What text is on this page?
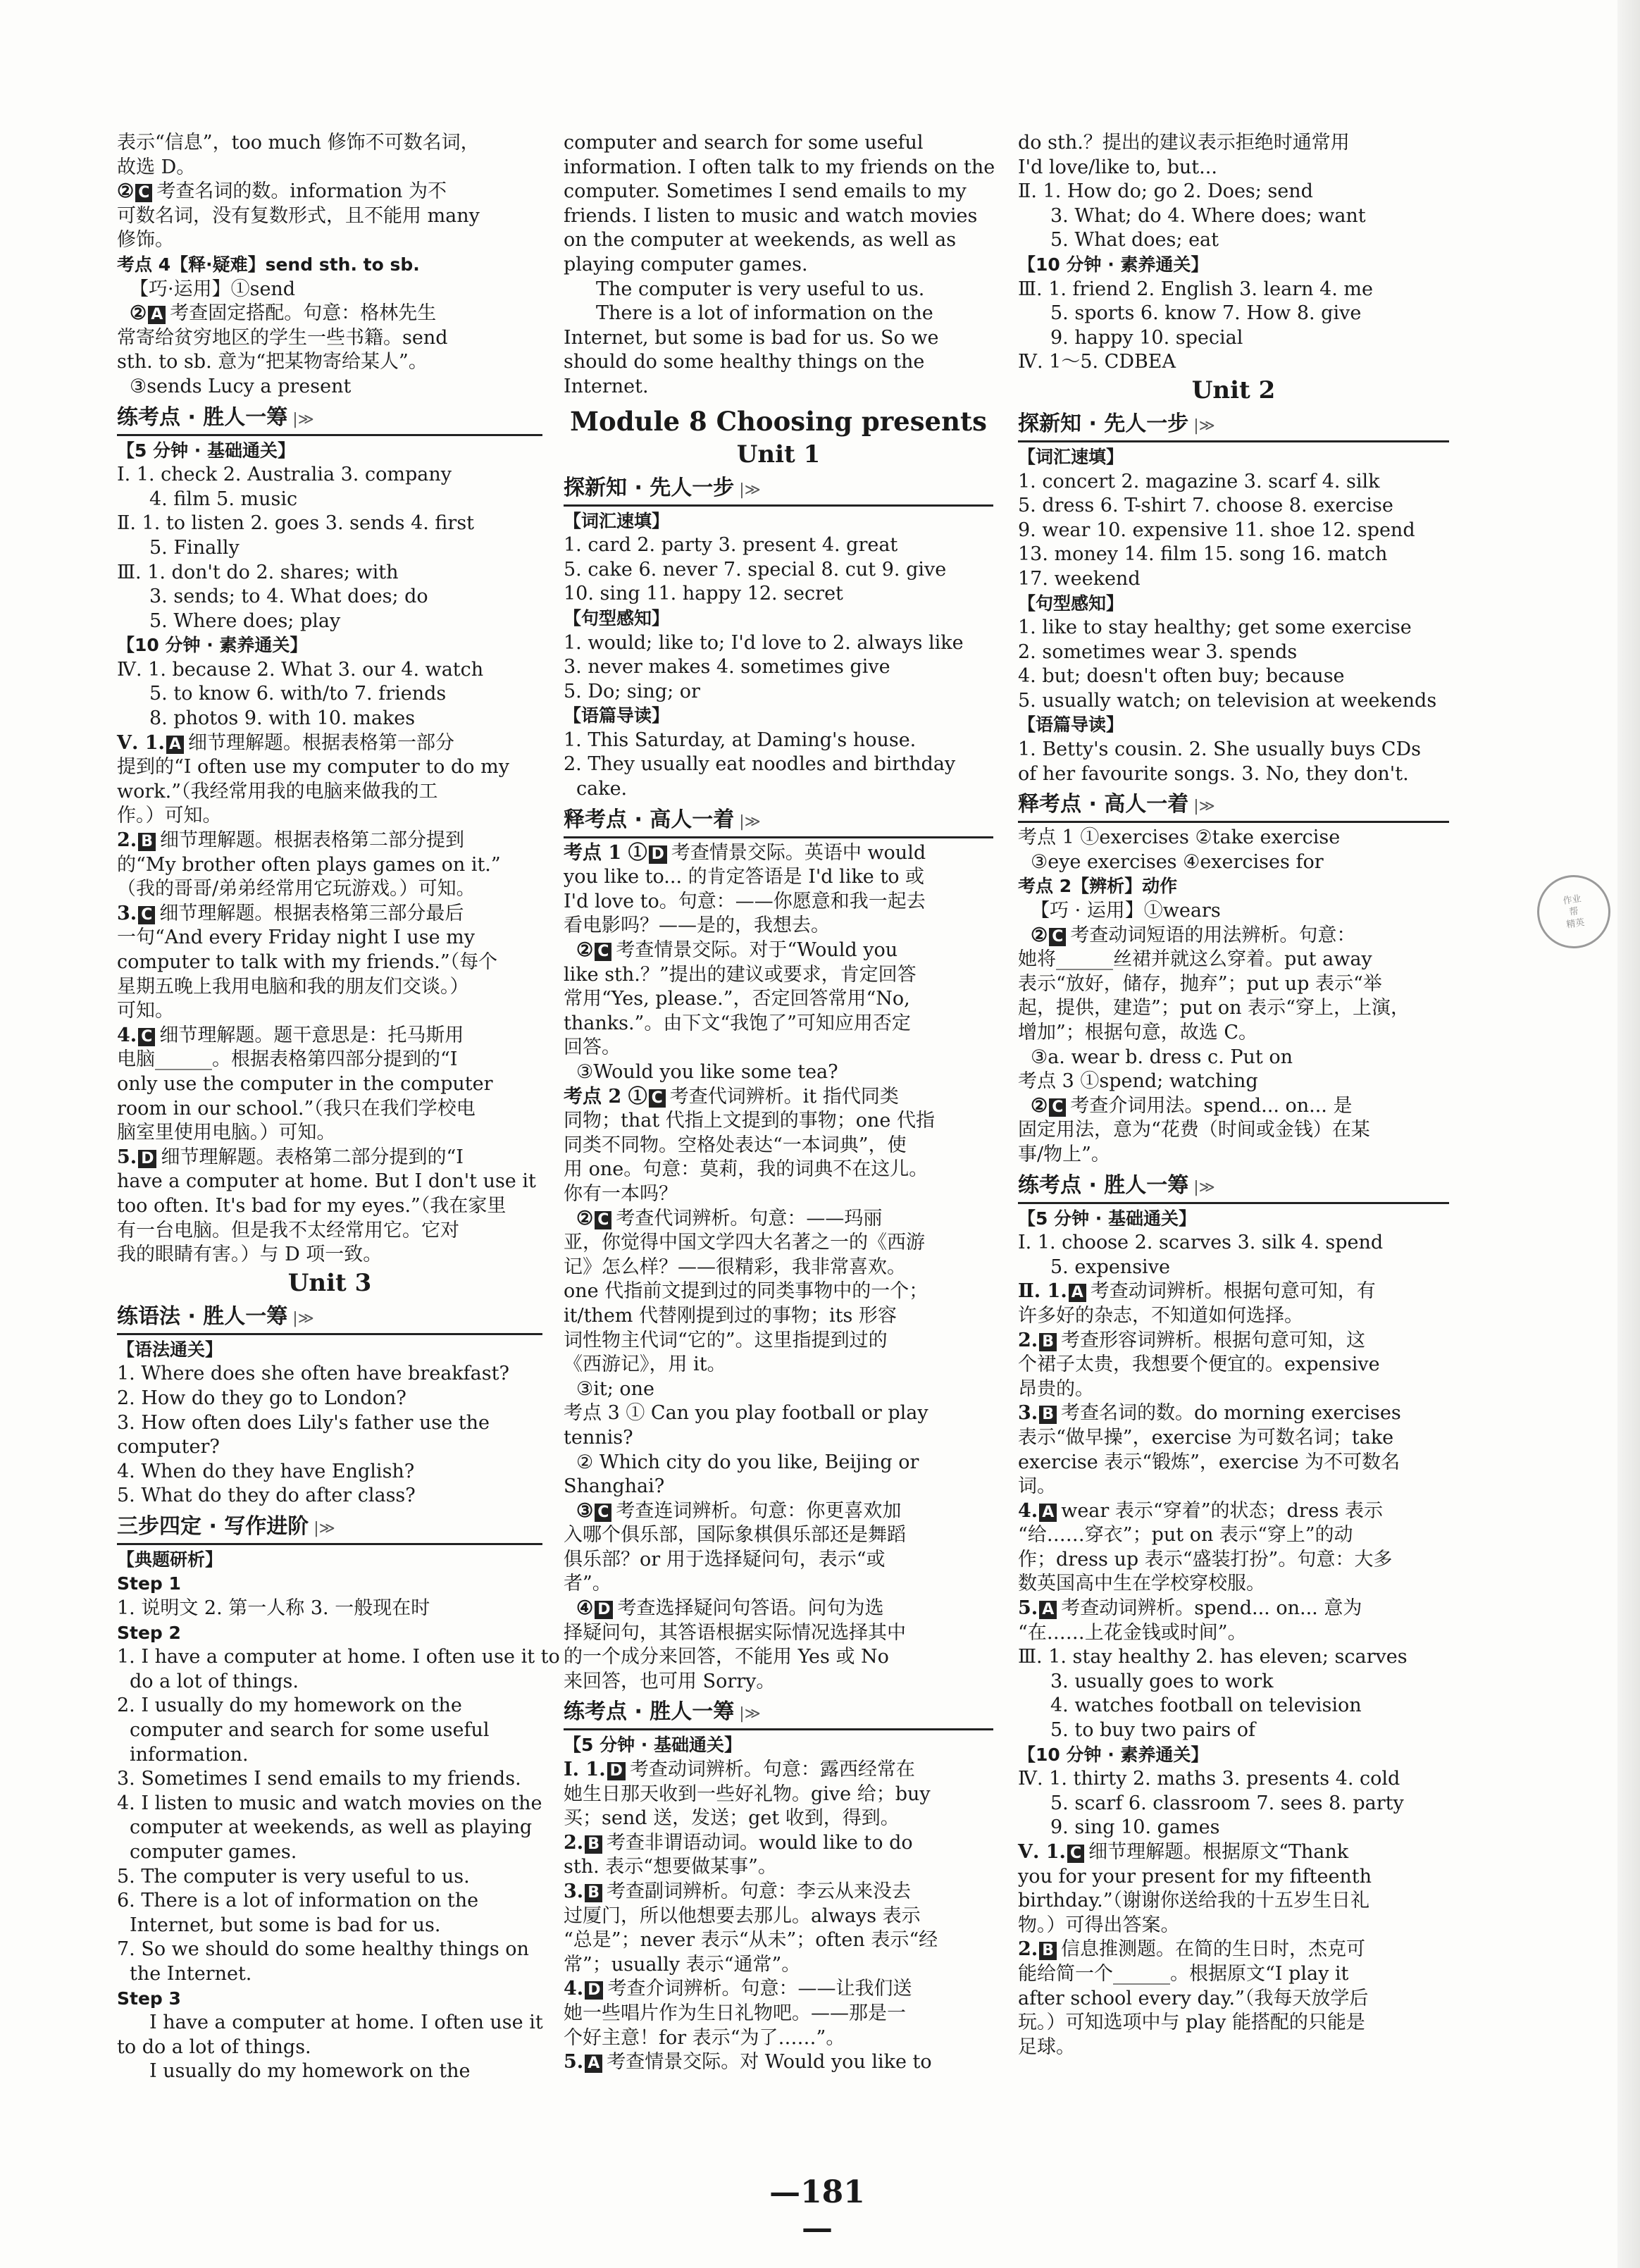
表示“信息”，too much 修饰不可数名词，
故选 D。
② C 考查名词的数。information 为不
可数名词，没有复数形式，且不能用 many
修饰。
考点 4【释·疑难】send sth. to sb.
【巧·运用】①send
② A 考查固定搭配。句意：格林先生
常寄给贫穷地区的学生一些书籍。send
sth. to sb. 意为“把某物寄给某人”。
③sends Lucy a present
练考点 · 胜人一筹 |≫
【5 分钟 · 基础通关】
Ⅰ. 1. check 2. Australia 3. company
4. film 5. music
Ⅱ. 1. to listen 2. goes 3. sends 4. first
5. Finally
Ⅲ. 1. don't do 2. shares; with
3. sends; to 4. What does; do
5. Where does; play
【10 分钟 · 素养通关】
Ⅳ. 1. because 2. What 3. our 4. watch
5. to know 6. with/to 7. friends
8. photos 9. with 10. makes
Ⅴ. 1. A 细节理解题。根据表格第一部分
提到的“I often use my computer to do my
work.”（我经常用我的电脑来做我的工
作。）可知。
2. B 细节理解题。根据表格第二部分提到
的“My brother often plays games on it.”
（我的哥哥/弟弟经常用它玩游戏。）可知。
3. C 细节理解题。根据表格第三部分最后
一句“And every Friday night I use my
computer to talk with my friends.”（每个
星期五晚上我用电脑和我的朋友们交谈。）
可知。
4. C 细节理解题。题干意思是：托马斯用
电脑______。根据表格第四部分提到的“I
only use the computer in the computer
room in our school.”（我只在我们学校电
脑室里使用电脑。）可知。
5. D 细节理解题。表格第二部分提到的“I
have a computer at home. But I don't use it
too often. It's bad for my eyes.”（我在家里
有一台电脑。但是我不太经常用它。它对
我的眼睛有害。）与 D 项一致。
Unit 3
练语法 · 胜人一筹 |≫
【语法通关】
1. Where does she often have breakfast?
2. How do they go to London?
3. How often does Lily's father use the
computer?
4. When do they have English?
5. What do they do after class?
三步四定 · 写作进阶 |≫
【典题研析】
Step 1
1. 说明文 2. 第一人称 3. 一般现在时
Step 2
1. I have a computer at home. I often use it to
do a lot of things.
2. I usually do my homework on the
computer and search for some useful
information.
3. Sometimes I send emails to my friends.
4. I listen to music and watch movies on the
computer at weekends, as well as playing
computer games.
5. The computer is very useful to us.
6. There is a lot of information on the
Internet, but some is bad for us.
7. So we should do some healthy things on
the Internet.
Step 3
I have a computer at home. I often use it
to do a lot of things.
I usually do my homework on the
computer and search for some useful
information. I often talk to my friends on the
computer. Sometimes I send emails to my
friends. I listen to music and watch movies
on the computer at weekends, as well as
playing computer games.
The computer is very useful to us.
There is a lot of information on the
Internet, but some is bad for us. So we
should do some healthy things on the
Internet.
Module 8 Choosing presents
Unit 1
探新知 · 先人一步 |≫
【词汇速填】
1. card 2. party 3. present 4. great
5. cake 6. never 7. special 8. cut 9. give
10. sing 11. happy 12. secret
【句型感知】
1. would; like to; I'd love to 2. always like
3. never makes 4. sometimes give
5. Do; sing; or
【语篇导读】
1. This Saturday, at Daming's house.
2. They usually eat noodles and birthday
cake.
释考点 · 高人一着 |≫
考点 1 ① D 考查情景交际。英语中 would
you like to... 的肯定答语是 I'd like to 或
I'd love to。句意：——你愿意和我一起去
看电影吗？——是的，我想去。
② C 考查情景交际。对于“Would you
like sth.？”提出的建议或要求，肯定回答
常用“Yes, please.”，否定回答常用“No,
thanks.”。由下文“我饱了”可知应用否定
回答。
③Would you like some tea?
考点 2 ① C 考查代词辨析。it 指代同类
同物；that 代指上文提到的事物；one 代指
同类不同物。空格处表达“一本词典”，使
用 one。句意：莫莉，我的词典不在这儿。
你有一本吗？
② C 考查代词辨析。句意：——玛丽
亚，你觉得中国文学四大名著之一的《西游
记》怎么样？——很精彩，我非常喜欢。
one 代指前文提到过的同类事物中的一个；
it/them 代替刚提到过的事物；its 形容
词性物主代词“它的”。这里指提到过的
《西游记》，用 it。
③it; one
考点 3 ① Can you play football or play
tennis?
② Which city do you like, Beijing or
Shanghai?
③ C 考查连词辨析。句意：你更喜欢加
入哪个俱乐部，国际象棋俱乐部还是舞蹈
俱乐部？or 用于选择疑问句，表示“或
者”。
④ D 考查选择疑问句答语。问句为选
择疑问句，其答语根据实际情况选择其中
的一个成分来回答，不能用 Yes 或 No
来回答，也可用 Sorry。
练考点 · 胜人一筹 |≫
【5 分钟 · 基础通关】
Ⅰ. 1. D 考查动词辨析。句意：露西经常在
她生日那天收到一些好礼物。give 给；buy
买；send 送，发送；get 收到，得到。
2. B 考查非谓语动词。would like to do
sth. 表示“想要做某事”。
3. B 考查副词辨析。句意：李云从来没去
过厦门，所以他想要去那儿。always 表示
“总是”；never 表示“从未”；often 表示“经
常”；usually 表示“通常”。
4. D 考查介词辨析。句意：——让我们送
她一些唱片作为生日礼物吧。——那是一
个好主意！for 表示“为了……”。
5. A 考查情景交际。对 Would you like to
do sth.？提出的建议表示拒绝时通常用
I'd love/like to, but...
Ⅱ. 1. How do; go 2. Does; send
3. What; do 4. Where does; want
5. What does; eat
【10 分钟 · 素养通关】
Ⅲ. 1. friend 2. English 3. learn 4. me
5. sports 6. know 7. How 8. give
9. happy 10. special
Ⅳ. 1～5. CDBEA
Unit 2
探新知 · 先人一步 |≫
【词汇速填】
1. concert 2. magazine 3. scarf 4. silk
5. dress 6. T-shirt 7. choose 8. exercise
9. wear 10. expensive 11. shoe 12. spend
13. money 14. film 15. song 16. match
17. weekend
【句型感知】
1. like to stay healthy; get some exercise
2. sometimes wear 3. spends
4. but; doesn't often buy; because
5. usually watch; on television at weekends
【语篇导读】
1. Betty's cousin. 2. She usually buys CDs
of her favourite songs. 3. No, they don't.
释考点 · 高人一着 |≫
考点 1 ①exercises ②take exercise
③eye exercises ④exercises for
考点 2【辨析】动作
【巧 · 运用】①wears
② C 考查动词短语的用法辨析。句意：
她将______丝裙并就这么穿着。put away
表示“放好，储存，抛弃”；put up 表示“举
起，提供，建造”；put on 表示“穿上，上演，
增加”；根据句意，故选 C。
③a. wear b. dress c. Put on
考点 3 ①spend; watching
② C 考查介词用法。spend... on... 是
固定用法，意为“花费（时间或金钱）在某
事/物上”。
练考点 · 胜人一筹 |≫
【5 分钟 · 基础通关】
Ⅰ. 1. choose 2. scarves 3. silk 4. spend
5. expensive
Ⅱ. 1. A 考查动词辨析。根据句意可知，有
许多好的杂志，不知道如何选择。
2. B 考查形容词辨析。根据句意可知，这
个裙子太贵，我想要个便宜的。expensive
昂贵的。
3. B 考查名词的数。do morning exercises
表示“做早操”，exercise 为可数名词；take
exercise 表示“锻炼”，exercise 为不可数名
词。
4. A wear 表示“穿着”的状态；dress 表示
“给……穿衣”；put on 表示“穿上”的动
作；dress up 表示“盛装打扮”。句意：大多
数英国高中生在学校穿校服。
5. A 考查动词辨析。spend... on... 意为
“在……上花金钱或时间”。
Ⅲ. 1. stay healthy 2. has eleven; scarves
3. usually goes to work
4. watches football on television
5. to buy two pairs of
【10 分钟 · 素养通关】
Ⅳ. 1. thirty 2. maths 3. presents 4. cold
5. scarf 6. classroom 7. sees 8. party
9. sing 10. games
Ⅴ. 1. C 细节理解题。根据原文“Thank
you for your present for my fifteenth
birthday.”（谢谢你送给我的十五岁生日礼
物。）可得出答案。
2. B 信息推测题。在简的生日时，杰克可
能给简一个______。根据原文“I play it
after school every day.”（我每天放学后
玩。）可知选项中与 play 能搭配的只能是
足球。
作业
帮
精英
—181—
